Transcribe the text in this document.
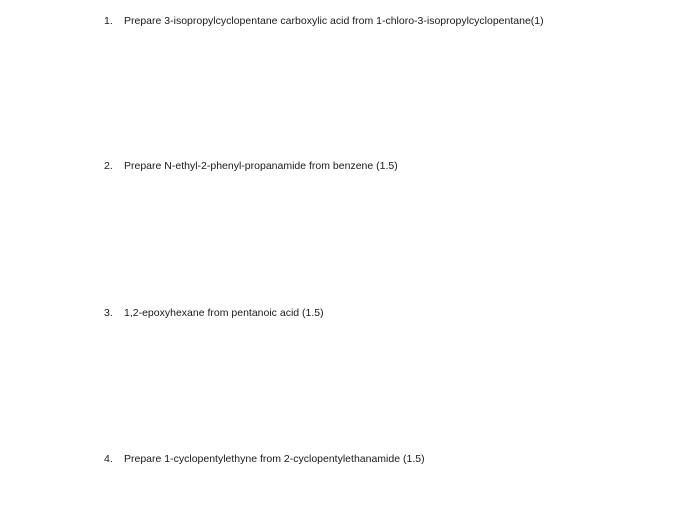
1.	Prepare 3-isopropylcyclopentane carboxylic acid from 1-chloro-3-isopropylcyclopentane(1)
2.	Prepare N-ethyl-2-phenyl-propanamide from benzene (1.5)
3.	1,2-epoxyhexane from pentanoic acid (1.5)
4.	Prepare 1-cyclopentylethyne from 2-cyclopentylethanamide (1.5)
